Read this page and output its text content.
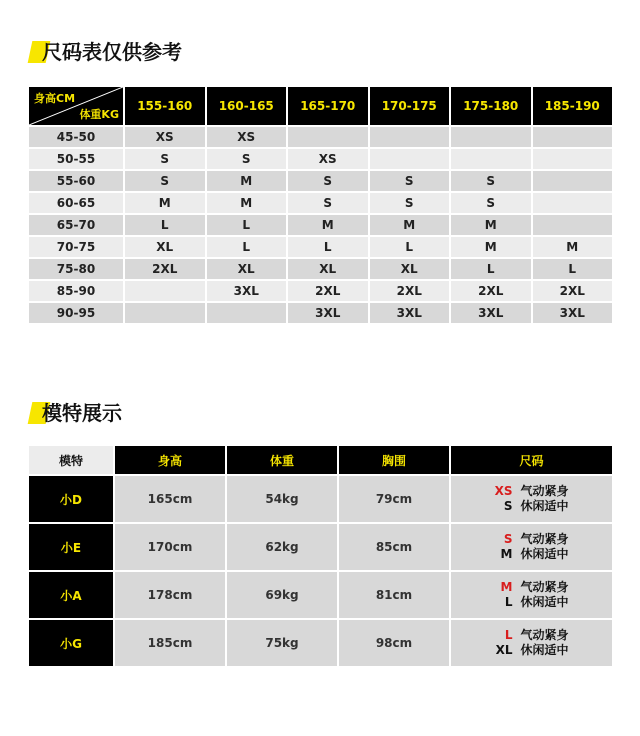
尺码表仅供参考
身高CM
体重KG	155-160	160-165	165-170	170-175	175-180	185-190
45-50	XS	XS				
50-55	S	S	XS			
55-60	S	M	S	S	S	
60-65	M	M	S	S	S	
65-70	L	L	M	M	M	
70-75	XL	L	L	L	M	M
75-80	2XL	XL	XL	XL	L	L
85-90		3XL	2XL	2XL	2XL	2XL
90-95			3XL	3XL	3XL	3XL
模特展示
模特	身高	体重	胸围	尺码
小D	165cm	54kg	79cm	XS 气动紧身
S 休闲适中

小E	170cm	62kg	85cm	S 气动紧身
M 休闲适中

小A	178cm	69kg	81cm	M 气动紧身
L 休闲适中

小G	185cm	75kg	98cm	L 气动紧身
XL 休闲适中
